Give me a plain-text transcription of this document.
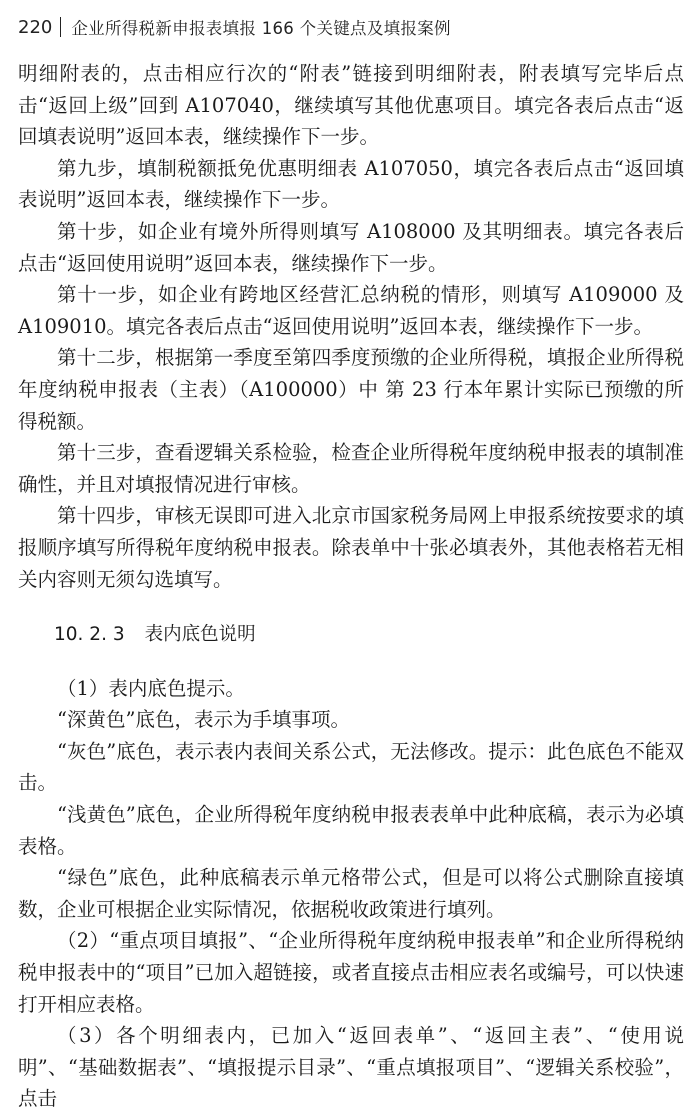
220 企业所得税新申报表填报 166 个关键点及填报案例

明细附表的，点击相应行次的“附表”链接到明细附表，附表填写完毕后点击“返回上级”回到 A107040，继续填写其他优惠项目。填完各表后点击“返回填表说明”返回本表，继续操作下一步。

第九步，填制税额抵免优惠明细表 A107050，填完各表后点击“返回填表说明”返回本表，继续操作下一步。

第十步，如企业有境外所得则填写 A108000 及其明细表。填完各表后点击“返回使用说明”返回本表，继续操作下一步。

第十一步，如企业有跨地区经营汇总纳税的情形，则填写 A109000 及 A109010。填完各表后点击“返回使用说明”返回本表，继续操作下一步。

第十二步，根据第一季度至第四季度预缴的企业所得税，填报企业所得税年度纳税申报表（主表）（A100000）中 第 23 行本年累计实际已预缴的所得税额。

第十三步，查看逻辑关系检验，检查企业所得税年度纳税申报表的填制准确性，并且对填报情况进行审核。

第十四步，审核无误即可进入北京市国家税务局网上申报系统按要求的填报顺序填写所得税年度纳税申报表。除表单中十张必填表外，其他表格若无相关内容则无须勾选填写。

10. 2. 3 表内底色说明

（1）表内底色提示。

“深黄色”底色，表示为手填事项。

“灰色”底色，表示表内表间关系公式，无法修改。提示：此色底色不能双击。

“浅黄色”底色，企业所得税年度纳税申报表表单中此种底稿，表示为必填表格。

“绿色”底色，此种底稿表示单元格带公式，但是可以将公式删除直接填数，企业可根据企业实际情况，依据税收政策进行填列。

（2）“重点项目填报”、“企业所得税年度纳税申报表单”和企业所得税纳税申报表中的“项目”已加入超链接，或者直接点击相应表名或编号，可以快速打开相应表格。

（3）各个明细表内，已加入“返回表单”、“返回主表”、“使用说明”、“基础数据表”、“填报提示目录”、“重点填报项目”、“逻辑关系校验”，点击
